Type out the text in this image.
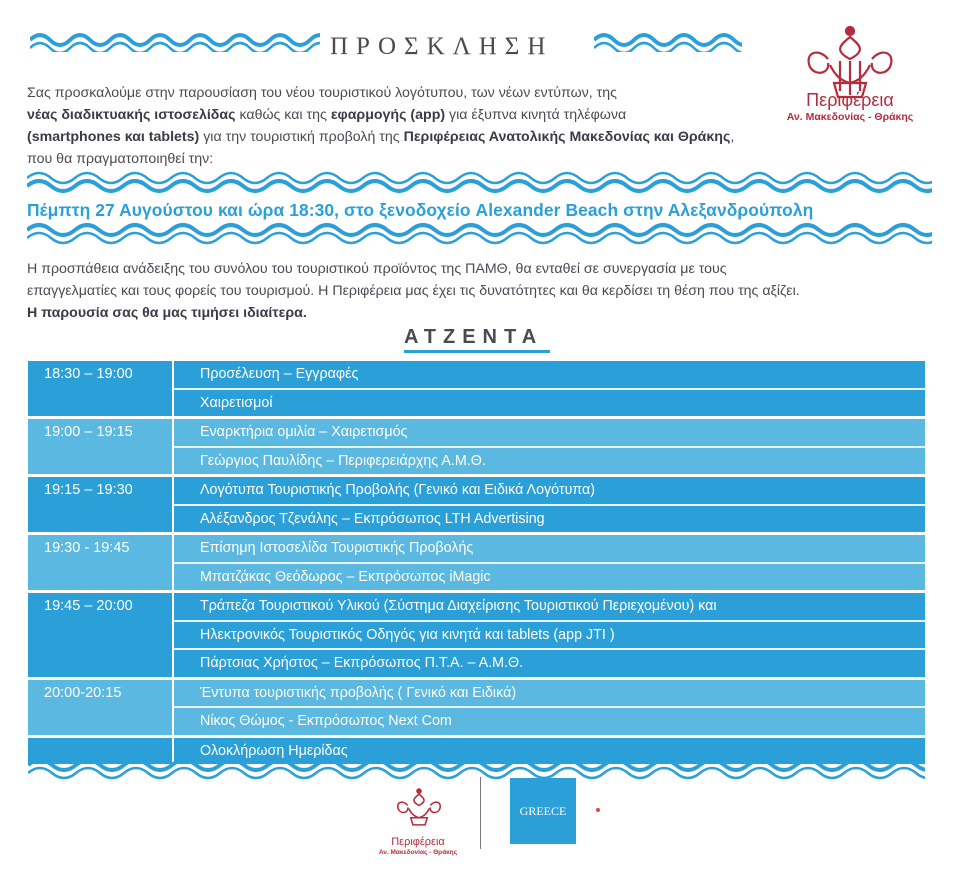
ΠΡΟΣΚΛΗΣΗ
Περιφέρεια
Αν. Μακεδονίας - Θράκης
Σας προσκαλούμε στην παρουσίαση του νέου τουριστικού λογότυπου, των νέων εντύπων, της
νέας διαδικτυακής ιστοσελίδας καθώς και της εφαρμογής (app) για έξυπνα κινητά τηλέφωνα
(smartphones και tablets) για την τουριστική προβολή της Περιφέρειας Ανατολικής Μακεδονίας και Θράκης, που θα πραγματοποιηθεί την:
Πέμπτη 27 Αυγούστου και ώρα 18:30, στο ξενοδοχείο Alexander Beach στην Αλεξανδρούπολη
Η προσπάθεια ανάδειξης του συνόλου του τουριστικού προϊόντος της ΠΑΜΘ, θα ενταθεί σε συνεργασία με τους
επαγγελματίες και τους φορείς του τουρισμού. Η Περιφέρεια μας έχει τις δυνατότητες και θα κερδίσει τη θέση που της αξίζει.
Η παρουσία σας θα μας τιμήσει ιδιαίτερα.
ΑΤΖΕΝΤΑ
18:30 – 19:00	Προσέλευση – Εγγραφές
Χαιρετισμοί
19:00 – 19:15	Εναρκτήρια ομιλία – Χαιρετισμός
Γεώργιος Παυλίδης – Περιφερειάρχης Α.Μ.Θ.
19:15 – 19:30	Λογότυπα Τουριστικής Προβολής (Γενικό και Ειδικά Λογότυπα)
Αλέξανδρος Τζενάλης – Εκπρόσωπος LTH Advertising
19:30 - 19:45	Επίσημη Ιστοσελίδα Τουριστικής Προβολής
Μπατζάκας Θεόδωρος – Εκπρόσωπος iMagic
19:45 – 20:00	Τράπεζα Τουριστικού Υλικού (Σύστημα Διαχείρισης Τουριστικού Περιεχομένου) και
Ηλεκτρονικός Τουριστικός Οδηγός για κινητά και tablets (app JTI )
Πάρτσιας Χρήστος – Εκπρόσωπος Π.Τ.Α. – Α.Μ.Θ.
20:00-20:15	Έντυπα τουριστικής προβολής ( Γενικό και Ειδικά)
Νίκος Θώμος - Εκπρόσωπος Next Com
Ολοκλήρωση Ημερίδας
Περιφέρεια
Αν. Μακεδονίας - Θράκης
GREECE
